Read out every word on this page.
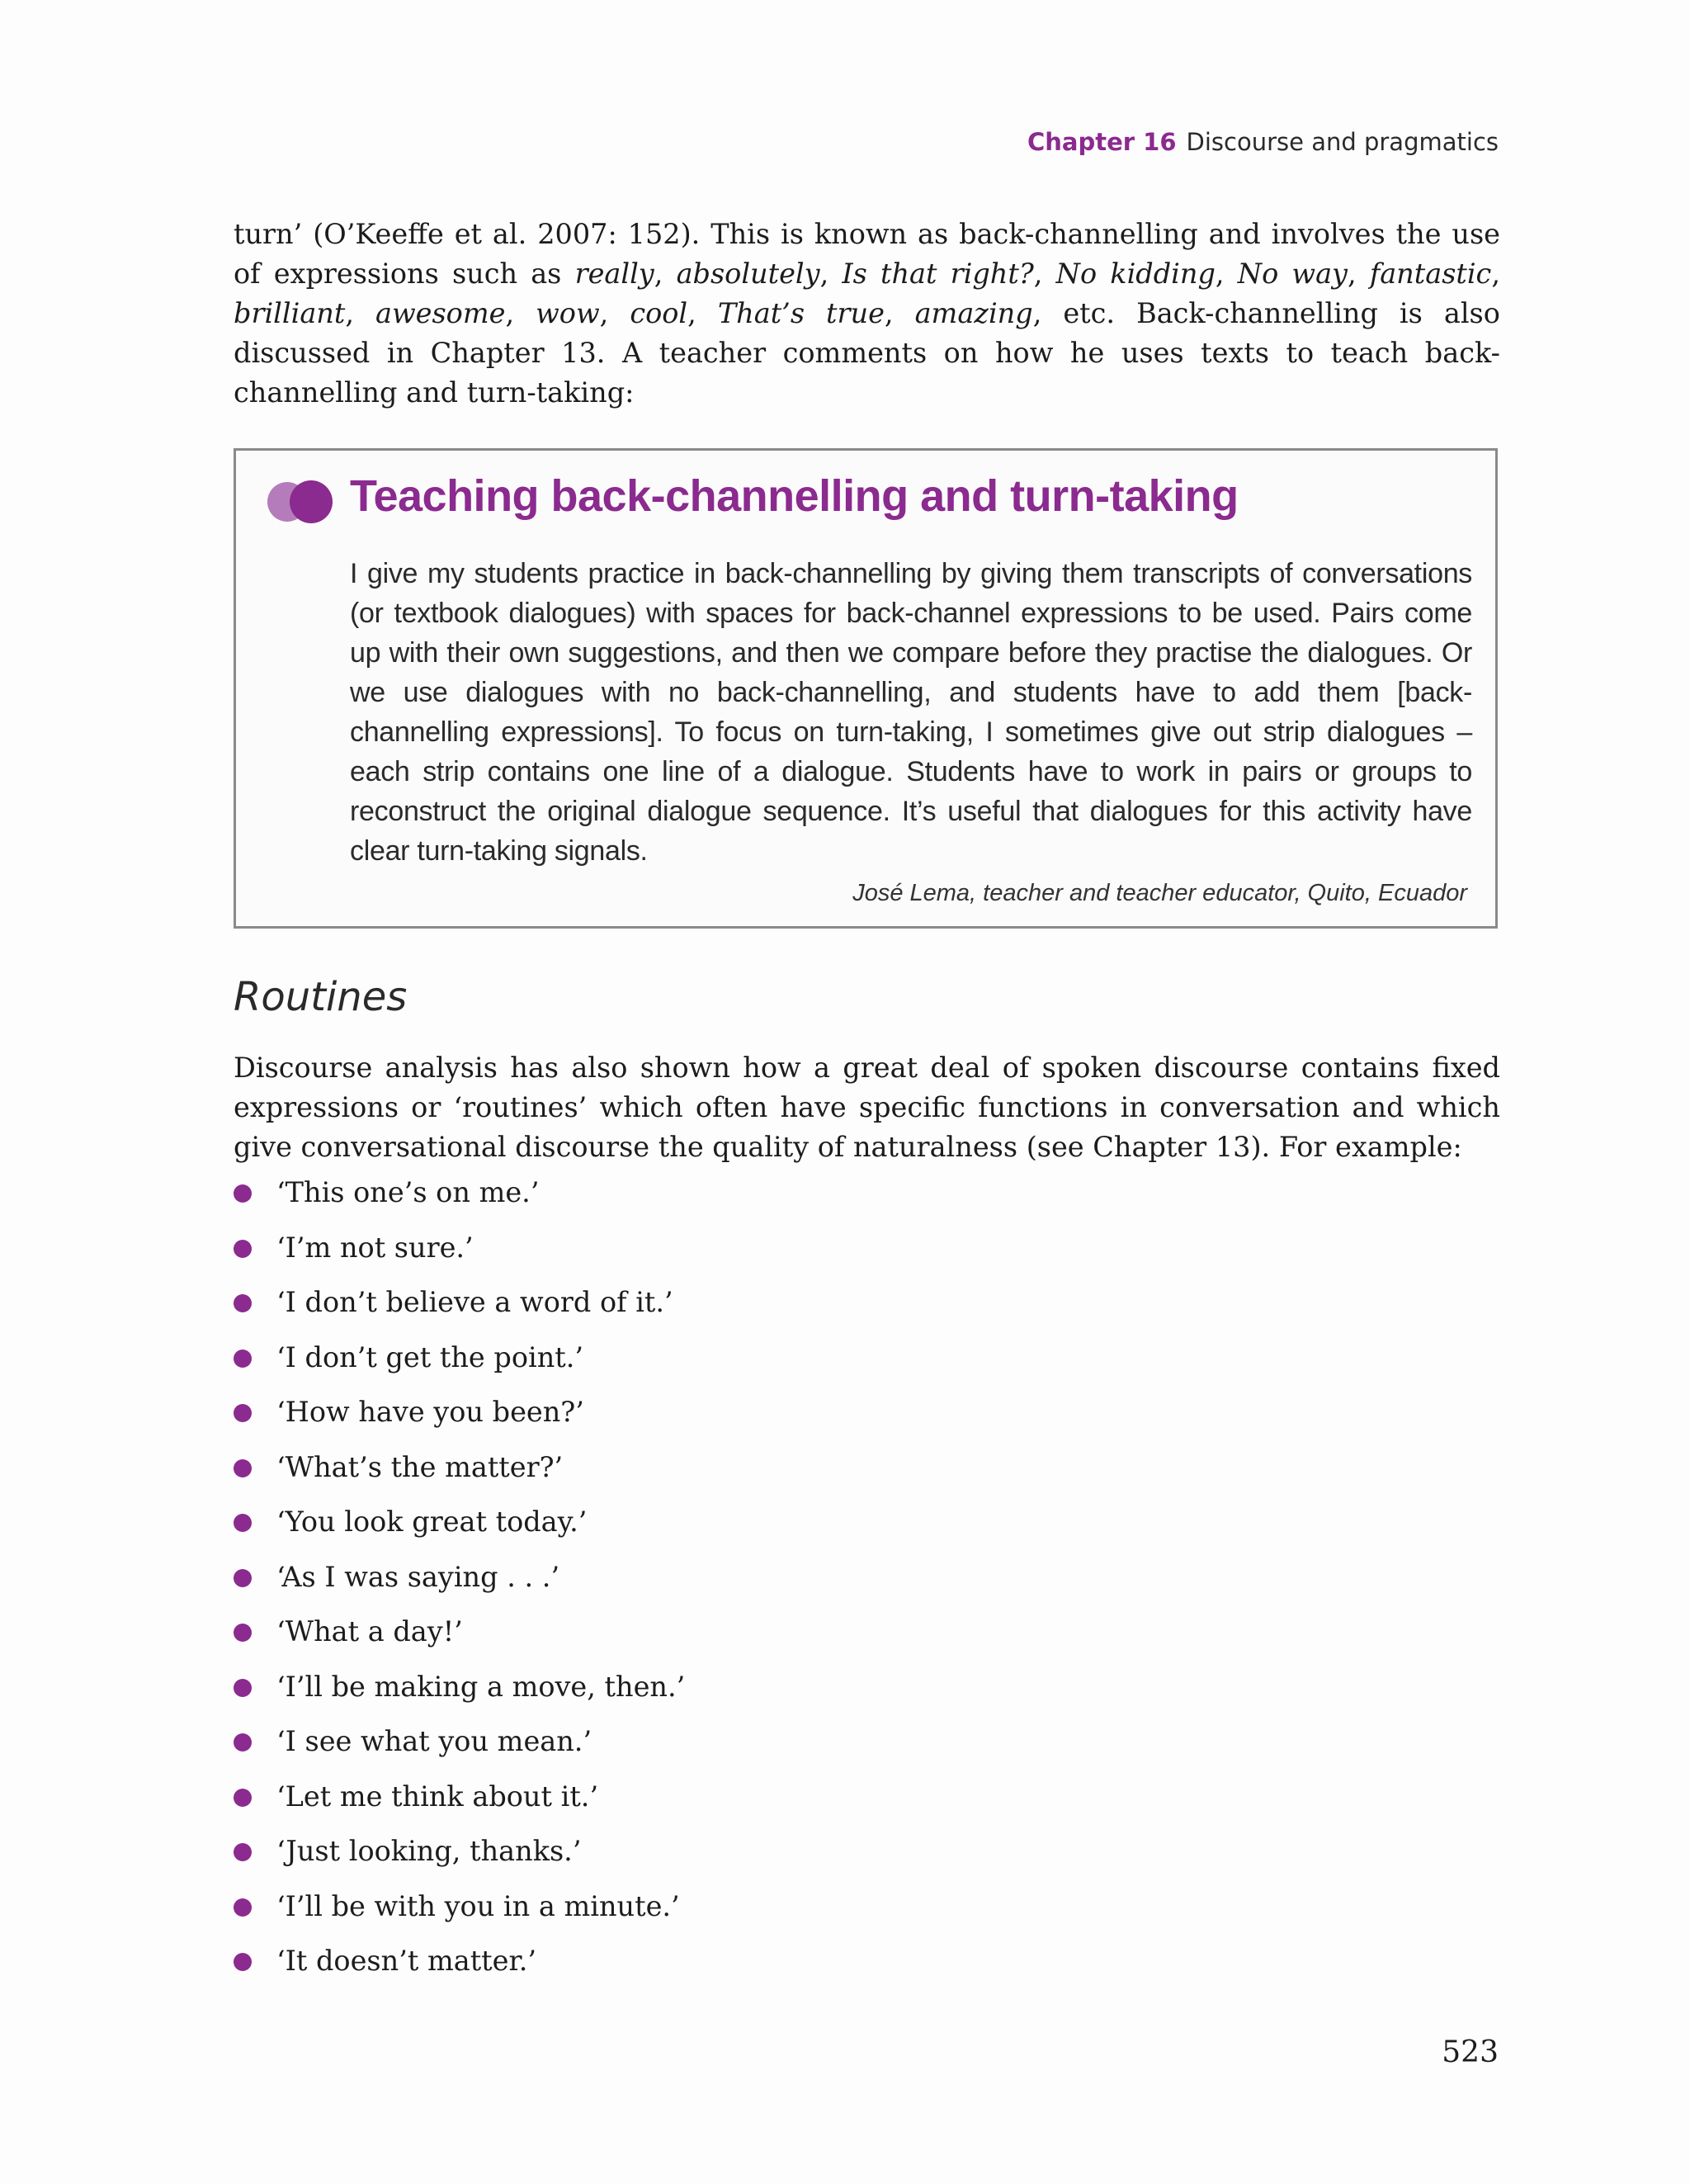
Chapter 16 Discourse and pragmatics

turn’ (O’Keeffe et al. 2007: 152). This is known as back-channelling and involves the use of expressions such as really, absolutely, Is that right?, No kidding, No way, fantastic, brilliant, awesome, wow, cool, That’s true, amazing, etc. Back-channelling is also discussed in Chapter 13. A teacher comments on how he uses texts to teach back-channelling and turn-taking:

Teaching back-channelling and turn-taking

I give my students practice in back-channelling by giving them transcripts of conversations (or textbook dialogues) with spaces for back-channel expressions to be used. Pairs come up with their own suggestions, and then we compare before they practise the dialogues. Or we use dialogues with no back-channelling, and students have to add them [back-channelling expressions]. To focus on turn-taking, I sometimes give out strip dialogues – each strip contains one line of a dialogue. Students have to work in pairs or groups to reconstruct the original dialogue sequence. It’s useful that dialogues for this activity have clear turn-taking signals.

José Lema, teacher and teacher educator, Quito, Ecuador

Routines

Discourse analysis has also shown how a great deal of spoken discourse contains fixed expressions or ‘routines’ which often have specific functions in conversation and which give conversational discourse the quality of naturalness (see Chapter 13). For example:

‘This one’s on me.’
‘I’m not sure.’
‘I don’t believe a word of it.’
‘I don’t get the point.’
‘How have you been?’
‘What’s the matter?’
‘You look great today.’
‘As I was saying . . .’
‘What a day!’
‘I’ll be making a move, then.’
‘I see what you mean.’
‘Let me think about it.’
‘Just looking, thanks.’
‘I’ll be with you in a minute.’
‘It doesn’t matter.’

523
